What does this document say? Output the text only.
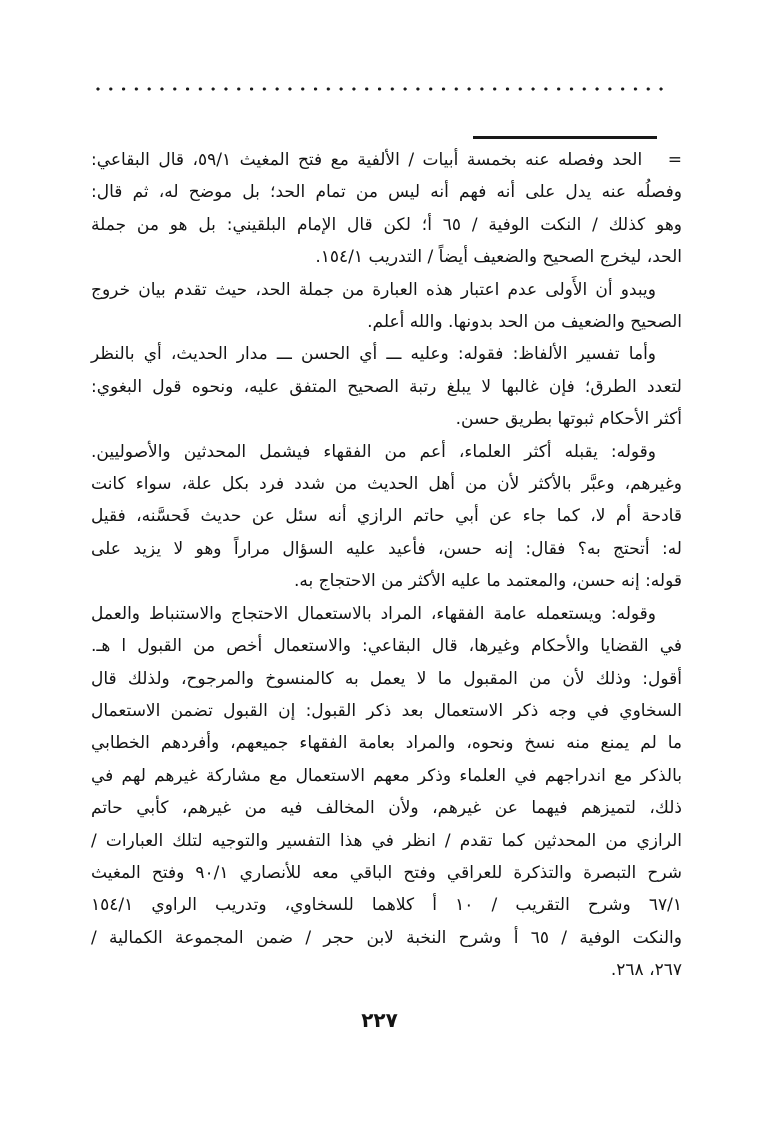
=   الحد وفصله عنه بخمسة أبيات / الألفية مع فتح المغيث ٥٩/١، قال البقاعي:
وفصلُه عنه يدل على أنه فهم أنه ليس من تمام الحد؛ بل موضح له، ثم قال:
وهو كذلك / النكت الوفية / ٦٥ أ؛ لكن قال الإمام البلقيني: بل هو من جملة
الحد، ليخرج الصحيح والضعيف أيضاً / التدريب ١٥٤/١.
ويبدو أن الأَولى عدم اعتبار هذه العبارة من جملة الحد، حيث تقدم بيان خروج
الصحيح والضعيف من الحد بدونها. والله أعلم.
وأما تفسير الألفاظ: فقوله: وعليه ـــ أي الحسن ـــ مدار الحديث، أي بالنظر
لتعدد الطرق؛ فإن غالبها لا يبلغ رتبة الصحيح المتفق عليه، ونحوه قول البغوي:
أكثر الأحكام ثبوتها بطريق حسن.
وقوله: يقبله أكثر العلماء، أعم من الفقهاء فيشمل المحدثين والأصوليين.
وغيرهم، وعبَّر بالأكثر لأن من أهل الحديث من شدد فرد بكل علة، سواء كانت
قادحة أم لا، كما جاء عن أبي حاتم الرازي أنه سئل عن حديث فَحسَّنه، فقيل
له: أتحتج به؟ فقال: إنه حسن، فأعيد عليه السؤال مراراً وهو لا يزيد على
قوله: إنه حسن، والمعتمد ما عليه الأكثر من الاحتجاج به.
وقوله: ويستعمله عامة الفقهاء، المراد بالاستعمال الاحتجاج والاستنباط والعمل
في القضايا والأحكام وغيرها، قال البقاعي: والاستعمال أخص من القبول ا هـ.
أقول: وذلك لأن من المقبول ما لا يعمل به كالمنسوخ والمرجوح، ولذلك قال
السخاوي في وجه ذكر الاستعمال بعد ذكر القبول: إن القبول تضمن الاستعمال
ما لم يمنع منه نسخ ونحوه، والمراد بعامة الفقهاء جميعهم، وأفردهم الخطابي
بالذكر مع اندراجهم في العلماء وذكر معهم الاستعمال مع مشاركة غيرهم لهم في
ذلك، لتميزهم فيهما عن غيرهم، ولأن المخالف فيه من غيرهم، كأبي حاتم
الرازي من المحدثين كما تقدم / انظر في هذا التفسير والتوجيه لتلك العبارات /
شرح التبصرة والتذكرة للعراقي وفتح الباقي معه للأنصاري ٩٠/١ وفتح المغيث
٦٧/١ وشرح التقريب / ١٠ أ كلاهما للسخاوي، وتدريب الراوي ١٥٤/١
والنكت الوفية / ٦٥ أ وشرح النخبة لابن حجر / ضمن المجموعة الكمالية /
٢٦٧، ٢٦٨.
٢٢٧
